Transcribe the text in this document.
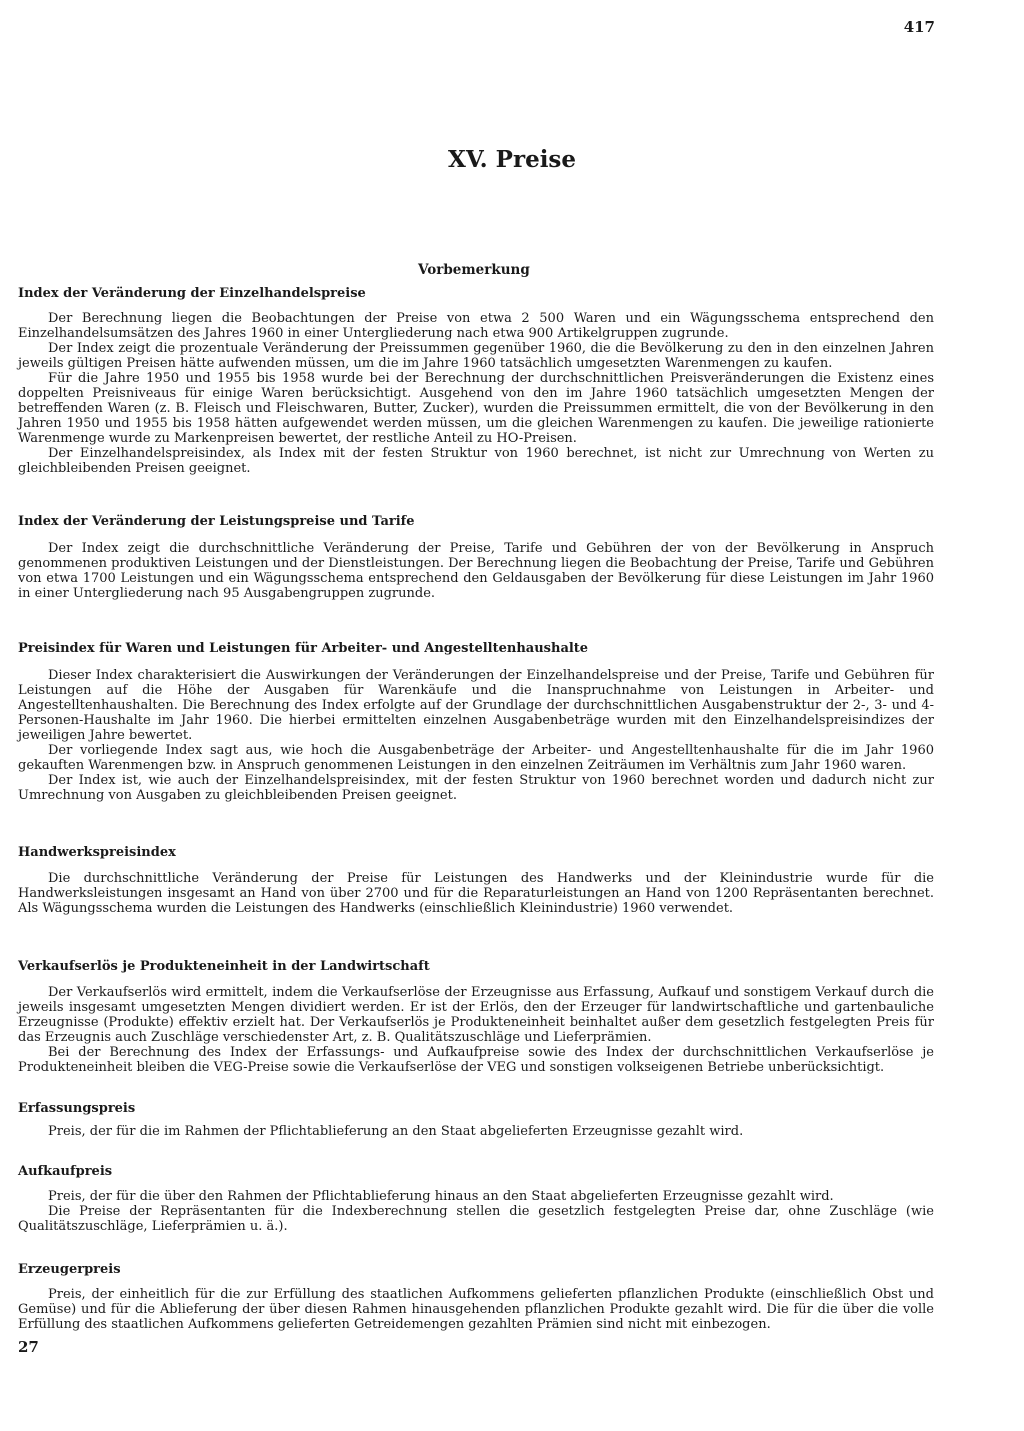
417
XV. Preise
Vorbemerkung
Index der Veränderung der Einzelhandelspreise

Der Berechnung liegen die Beobachtungen der Preise von etwa 2 500 Waren und ein Wägungsschema entsprechend den Einzelhandelsumsätzen des Jahres 1960 in einer Untergliederung nach etwa 900 Artikelgruppen zugrunde.

Der Index zeigt die prozentuale Veränderung der Preissummen gegenüber 1960, die die Bevölkerung zu den in den einzelnen Jahren jeweils gültigen Preisen hätte aufwenden müssen, um die im Jahre 1960 tatsächlich umgesetzten Warenmengen zu kaufen.

Für die Jahre 1950 und 1955 bis 1958 wurde bei der Berechnung der durchschnittlichen Preisveränderungen die Existenz eines doppelten Preisniveaus für einige Waren berücksichtigt. Ausgehend von den im Jahre 1960 tatsächlich umgesetzten Mengen der betreffenden Waren (z. B. Fleisch und Fleischwaren, Butter, Zucker), wurden die Preissummen ermittelt, die von der Bevölkerung in den Jahren 1950 und 1955 bis 1958 hätten aufgewendet werden müssen, um die gleichen Warenmengen zu kaufen. Die jeweilige rationierte Warenmenge wurde zu Markenpreisen bewertet, der restliche Anteil zu HO-Preisen.

Der Einzelhandelspreisindex, als Index mit der festen Struktur von 1960 berechnet, ist nicht zur Umrechnung von Werten zu gleichbleibenden Preisen geeignet.

Index der Veränderung der Leistungspreise und Tarife

Der Index zeigt die durchschnittliche Veränderung der Preise, Tarife und Gebühren der von der Bevölkerung in Anspruch genommenen produktiven Leistungen und der Dienstleistungen. Der Berechnung liegen die Beobachtung der Preise, Tarife und Gebühren von etwa 1700 Leistungen und ein Wägungsschema entsprechend den Geldausgaben der Bevölkerung für diese Leistungen im Jahr 1960 in einer Untergliederung nach 95 Ausgabengruppen zugrunde.

Preisindex für Waren und Leistungen für Arbeiter- und Angestelltenhaushalte

Dieser Index charakterisiert die Auswirkungen der Veränderungen der Einzelhandelspreise und der Preise, Tarife und Gebühren für Leistungen auf die Höhe der Ausgaben für Warenkäufe und die Inanspruchnahme von Leistungen in Arbeiter- und Angestelltenhaushalten. Die Berechnung des Index erfolgte auf der Grundlage der durchschnittlichen Ausgabenstruktur der 2-, 3- und 4-Personen-Haushalte im Jahr 1960. Die hierbei ermittelten einzelnen Ausgabenbeträge wurden mit den Einzelhandelspreisindizes der jeweiligen Jahre bewertet.

Der vorliegende Index sagt aus, wie hoch die Ausgabenbeträge der Arbeiter- und Angestelltenhaushalte für die im Jahr 1960 gekauften Warenmengen bzw. in Anspruch genommenen Leistungen in den einzelnen Zeiträumen im Verhältnis zum Jahr 1960 waren.

Der Index ist, wie auch der Einzelhandelspreisindex, mit der festen Struktur von 1960 berechnet worden und dadurch nicht zur Umrechnung von Ausgaben zu gleichbleibenden Preisen geeignet.

Handwerkspreisindex

Die durchschnittliche Veränderung der Preise für Leistungen des Handwerks und der Kleinindustrie wurde für die Handwerksleistungen insgesamt an Hand von über 2700 und für die Reparaturleistungen an Hand von 1200 Repräsentanten berechnet. Als Wägungsschema wurden die Leistungen des Handwerks (einschließlich Kleinindustrie) 1960 verwendet.

Verkaufserlös je Produkteneinheit in der Landwirtschaft

Der Verkaufserlös wird ermittelt, indem die Verkaufserlöse der Erzeugnisse aus Erfassung, Aufkauf und sonstigem Verkauf durch die jeweils insgesamt umgesetzten Mengen dividiert werden. Er ist der Erlös, den der Erzeuger für landwirtschaftliche und gartenbauliche Erzeugnisse (Produkte) effektiv erzielt hat. Der Verkaufserlös je Produkteneinheit beinhaltet außer dem gesetzlich festgelegten Preis für das Erzeugnis auch Zuschläge verschiedenster Art, z. B. Qualitätszuschläge und Lieferprämien.

Bei der Berechnung des Index der Erfassungs- und Aufkaufpreise sowie des Index der durchschnittlichen Verkaufserlöse je Produkteneinheit bleiben die VEG-Preise sowie die Verkaufserlöse der VEG und sonstigen volkseigenen Betriebe unberücksichtigt.

Erfassungspreis

Preis, der für die im Rahmen der Pflichtablieferung an den Staat abgelieferten Erzeugnisse gezahlt wird.

Aufkaufpreis

Preis, der für die über den Rahmen der Pflichtablieferung hinaus an den Staat abgelieferten Erzeugnisse gezahlt wird.

Die Preise der Repräsentanten für die Indexberechnung stellen die gesetzlich festgelegten Preise dar, ohne Zuschläge (wie Qualitätszuschläge, Lieferprämien u. ä.).

Erzeugerpreis

Preis, der einheitlich für die zur Erfüllung des staatlichen Aufkommens gelieferten pflanzlichen Produkte (einschließlich Obst und Gemüse) und für die Ablieferung der über diesen Rahmen hinausgehenden pflanzlichen Produkte gezahlt wird. Die für die über die volle Erfüllung des staatlichen Aufkommens gelieferten Getreidemengen gezahlten Prämien sind nicht mit einbezogen.

27
